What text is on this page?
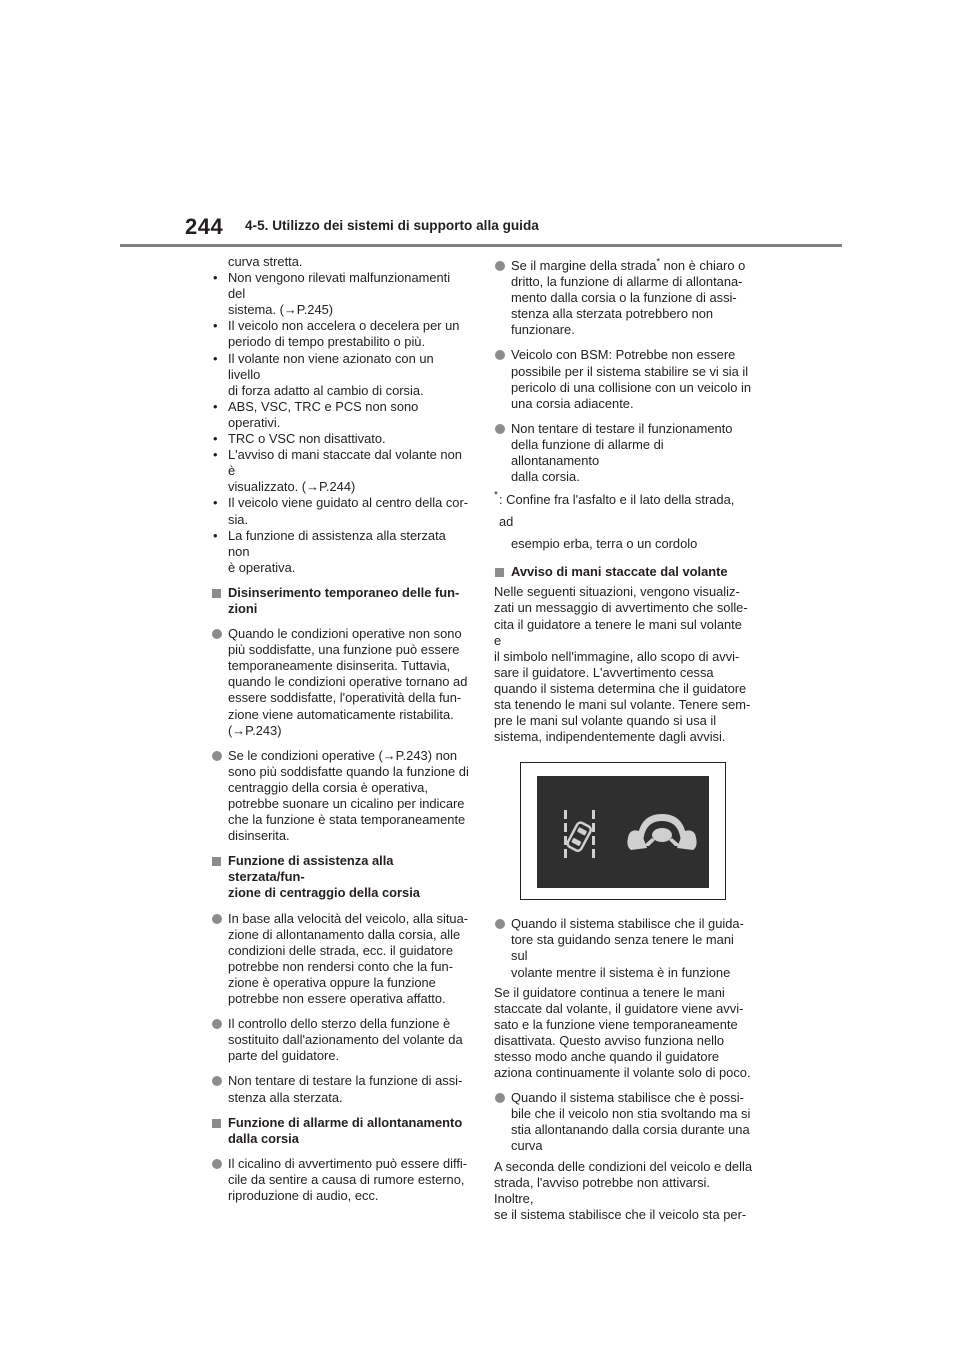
244 4-5. Utilizzo dei sistemi di supporto alla guida
curva stretta.
• Non vengono rilevati malfunzionamenti del
sistema. (→P.245)
• Il veicolo non accelera o decelera per un
periodo di tempo prestabilito o più.
• Il volante non viene azionato con un livello
di forza adatto al cambio di corsia.
• ABS, VSC, TRC e PCS non sono operativi.
• TRC o VSC non disattivato.
• L'avviso di mani staccate dal volante non è
visualizzato. (→P.244)
• Il veicolo viene guidato al centro della cor-
sia.
• La funzione di assistenza alla sterzata non
è operativa.
Disinserimento temporaneo delle fun-
zioni
Quando le condizioni operative non sono
più soddisfatte, una funzione può essere
temporaneamente disinserita. Tuttavia,
quando le condizioni operative tornano ad
essere soddisfatte, l'operatività della fun-
zione viene automaticamente ristabilita.
(→P.243)
Se le condizioni operative (→P.243) non
sono più soddisfatte quando la funzione di
centraggio della corsia è operativa,
potrebbe suonare un cicalino per indicare
che la funzione è stata temporaneamente
disinserita.
Funzione di assistenza alla sterzata/fun-
zione di centraggio della corsia
In base alla velocità del veicolo, alla situa-
zione di allontanamento dalla corsia, alle
condizioni delle strada, ecc. il guidatore
potrebbe non rendersi conto che la fun-
zione è operativa oppure la funzione
potrebbe non essere operativa affatto.
Il controllo dello sterzo della funzione è
sostituito dall'azionamento del volante da
parte del guidatore.
Non tentare di testare la funzione di assi-
stenza alla sterzata.
Funzione di allarme di allontanamento
dalla corsia
Il cicalino di avvertimento può essere diffi-
cile da sentire a causa di rumore esterno,
riproduzione di audio, ecc.
Se il margine della strada* non è chiaro o
dritto, la funzione di allarme di allontana-
mento dalla corsia o la funzione di assi-
stenza alla sterzata potrebbero non
funzionare.
Veicolo con BSM: Potrebbe non essere
possibile per il sistema stabilire se vi sia il
pericolo di una collisione con un veicolo in
una corsia adiacente.
Non tentare di testare il funzionamento
della funzione di allarme di allontanamento
dalla corsia.
* : Confine fra l'asfalto e il lato della strada, ad
esempio erba, terra o un cordolo
Avviso di mani staccate dal volante
Nelle seguenti situazioni, vengono visualiz-
zati un messaggio di avvertimento che solle-
cita il guidatore a tenere le mani sul volante e
il simbolo nell'immagine, allo scopo di avvi-
sare il guidatore. L'avvertimento cessa
quando il sistema determina che il guidatore
sta tenendo le mani sul volante. Tenere sem-
pre le mani sul volante quando si usa il
sistema, indipendentemente dagli avvisi.
Quando il sistema stabilisce che il guida-
tore sta guidando senza tenere le mani sul
volante mentre il sistema è in funzione
Se il guidatore continua a tenere le mani
staccate dal volante, il guidatore viene avvi-
sato e la funzione viene temporaneamente
disattivata. Questo avviso funziona nello
stesso modo anche quando il guidatore
aziona continuamente il volante solo di poco.
Quando il sistema stabilisce che è possi-
bile che il veicolo non stia svoltando ma si
stia allontanando dalla corsia durante una
curva
A seconda delle condizioni del veicolo e della
strada, l'avviso potrebbe non attivarsi. Inoltre,
se il sistema stabilisce che il veicolo sta per-
